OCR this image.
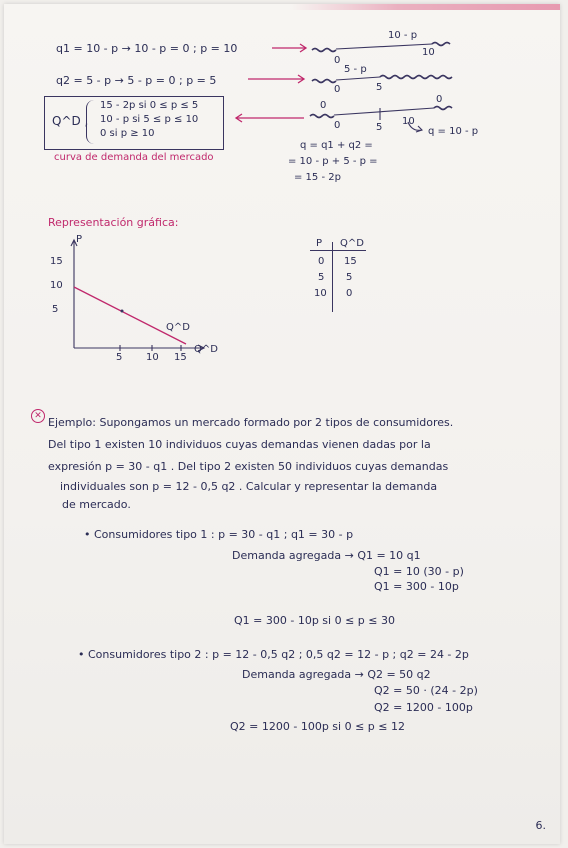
q1 = 10 - p → 10 - p = 0 ; p = 10
q2 = 5 - p → 5 - p = 0 ; p = 5
Q^D ,
15 - 2p si 0 ≤ p ≤ 5
10 - p si 5 ≤ p ≤ 10
0 si p ≥ 10
curva de demanda del mercado
10 - p
0
10
5 - p
0	5
0
0
0	5
10
q = 10 - p
q = q1 + q2 =
= 10 - p + 5 - p =
= 15 - 2p
Representación gráfica:
P
15
10
5
5 10 15
Q^D
Q^D
P Q^D
0 15
5 5
10 0
✕ Ejemplo: Supongamos un mercado formado por 2 tipos de consumidores.
Del tipo 1 existen 10 individuos cuyas demandas vienen dadas por la
expresión p = 30 - q1 . Del tipo 2 existen 50 individuos cuyas demandas
individuales son p = 12 - 0,5 q2 . Calcular y representar la demanda
de mercado.
• Consumidores tipo 1 : p = 30 - q1 ; q1 = 30 - p
Demanda agregada → Q1 = 10 q1
Q1 = 10 (30 - p)
Q1 = 300 - 10p
Q1 = 300 - 10p si 0 ≤ p ≤ 30
• Consumidores tipo 2 : p = 12 - 0,5 q2 ; 0,5 q2 = 12 - p ; q2 = 24 - 2p
Demanda agregada → Q2 = 50 q2
Q2 = 50 · (24 - 2p)
Q2 = 1200 - 100p
Q2 = 1200 - 100p si 0 ≤ p ≤ 12
6.
